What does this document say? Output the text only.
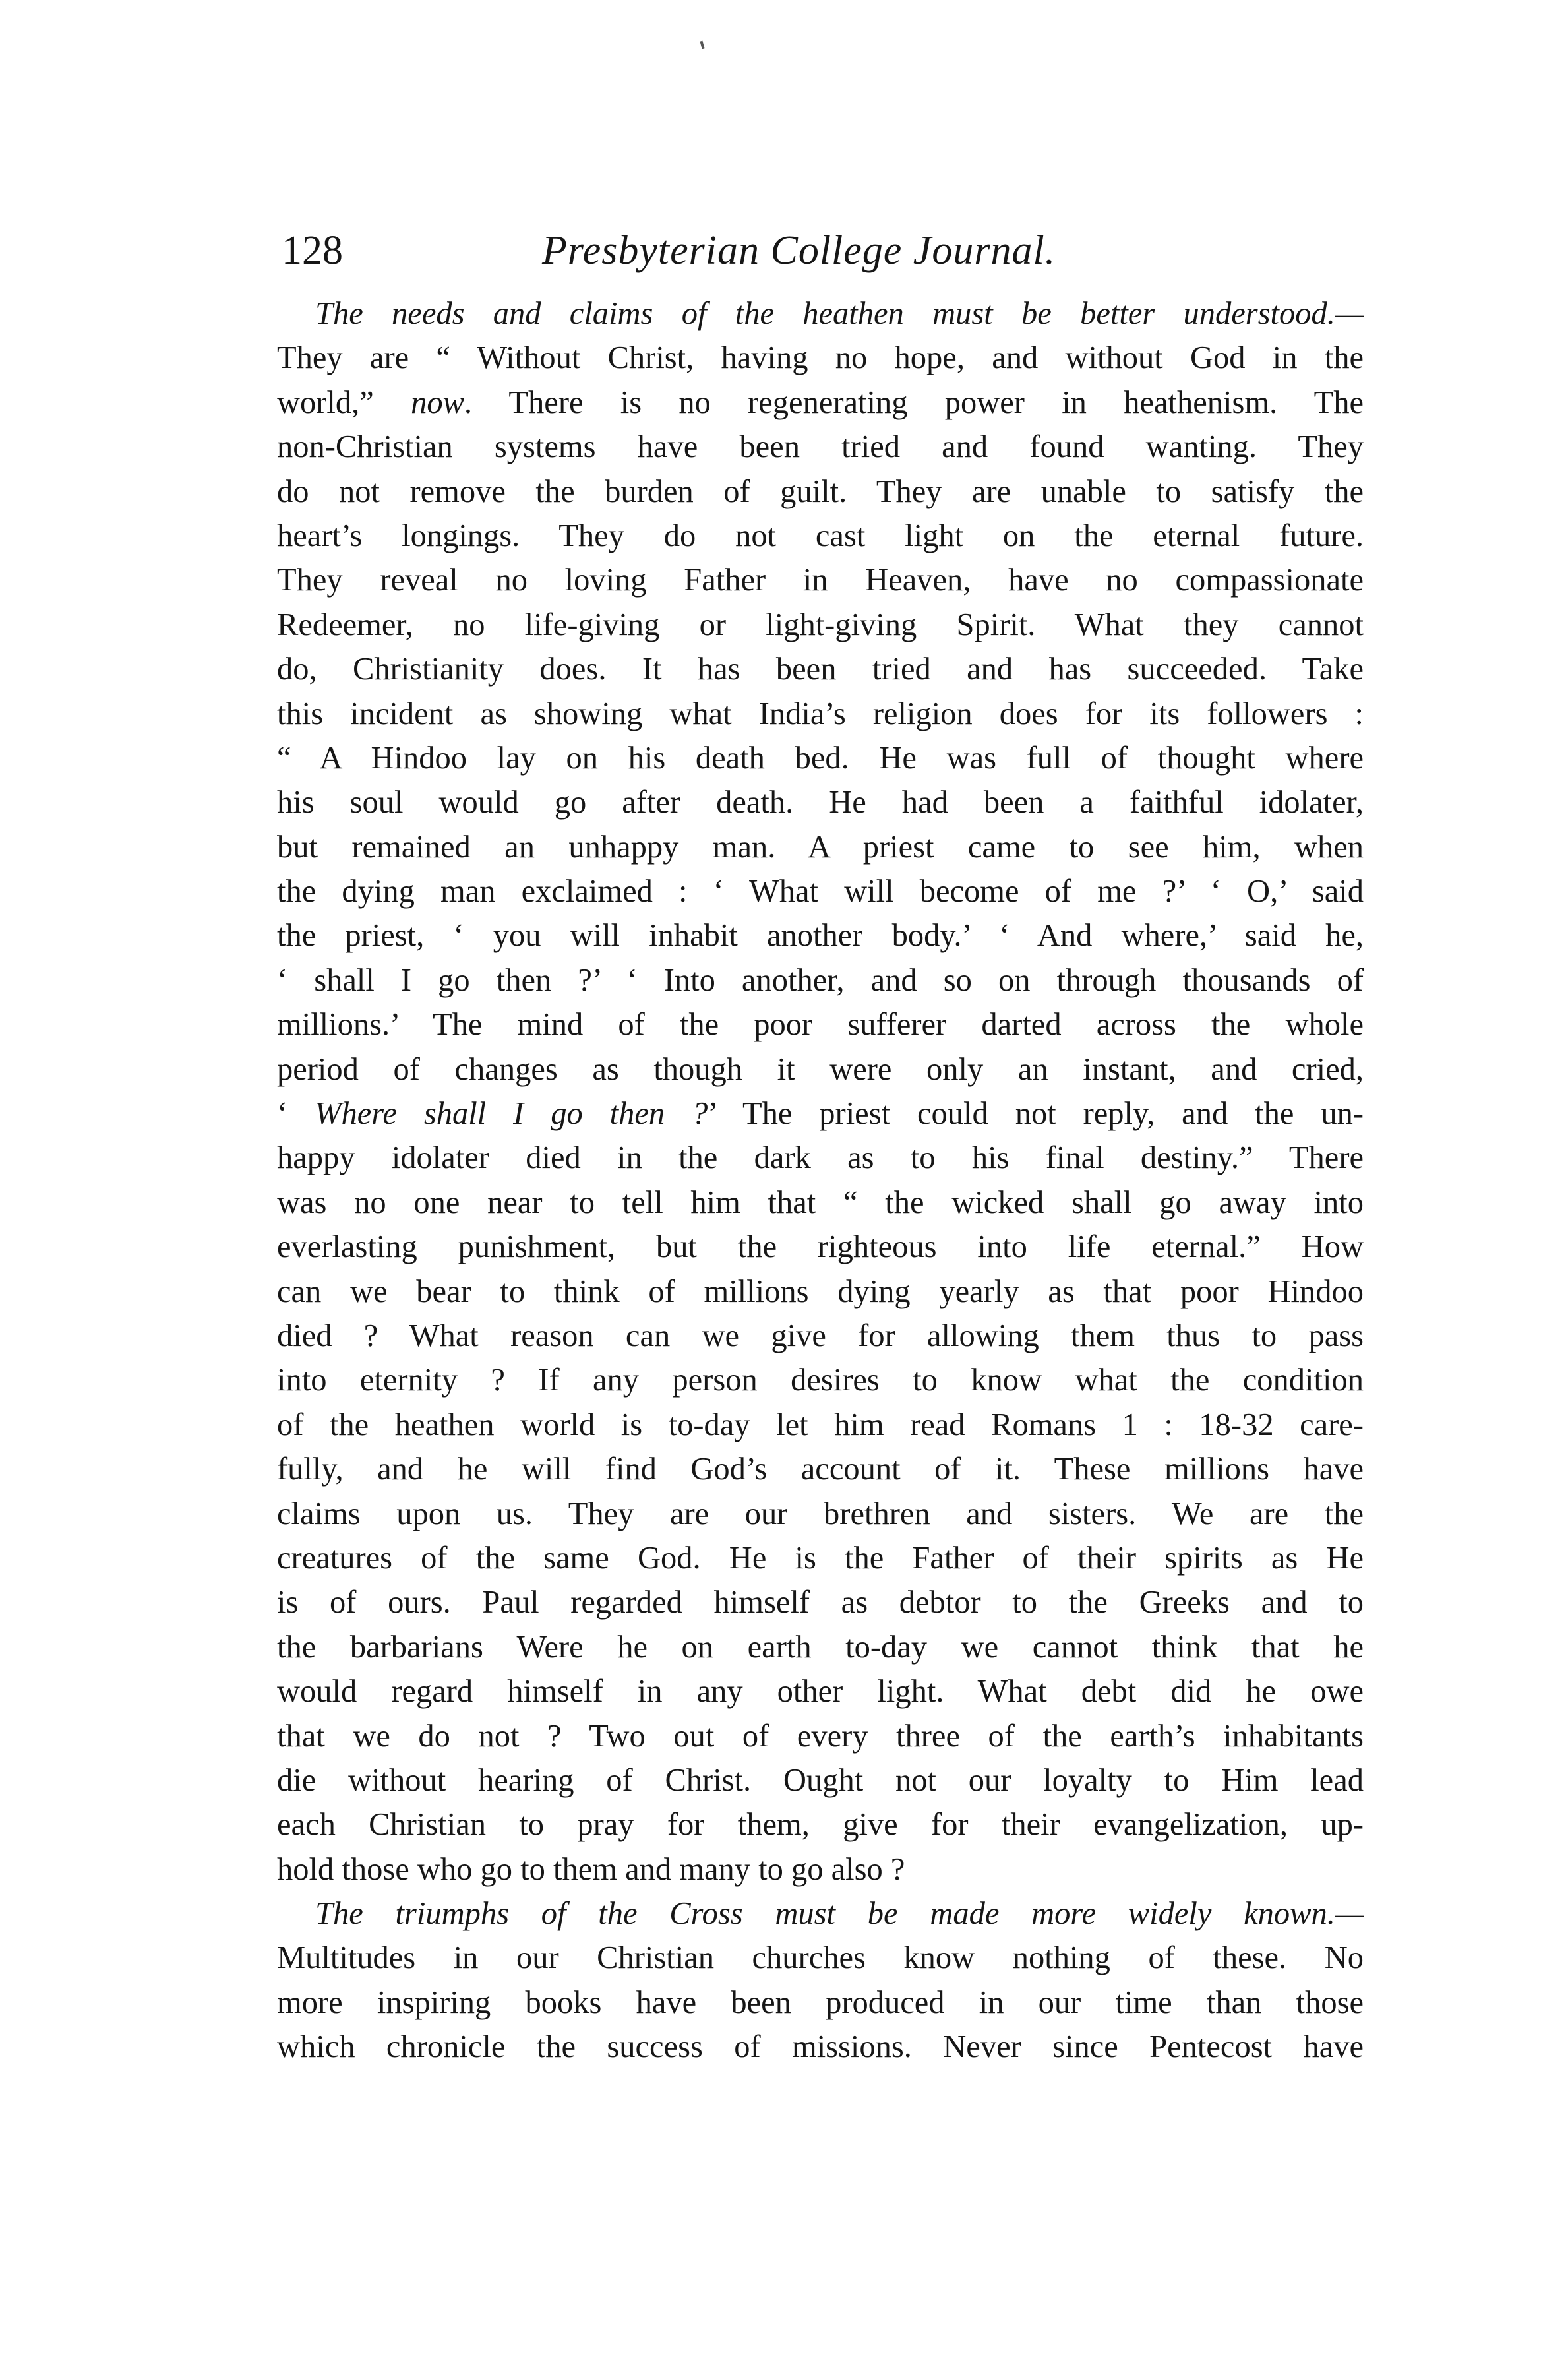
128	Presbyterian College Journal.
The needs and claims of the heathen must be better understood.—
They are “ Without Christ, having no hope, and without God in the
world,” now. There is no regenerating power in heathenism. The
non-Christian systems have been tried and found wanting. They
do not remove the burden of guilt. They are unable to satisfy the
heart’s longings. They do not cast light on the eternal future.
They reveal no loving Father in Heaven, have no compassionate
Redeemer, no life-giving or light-giving Spirit. What they cannot
do, Christianity does. It has been tried and has succeeded. Take
this incident as showing what India’s religion does for its followers :
“ A Hindoo lay on his death bed. He was full of thought where
his soul would go after death. He had been a faithful idolater,
but remained an unhappy man. A priest came to see him, when
the dying man exclaimed : ‘ What will become of me ?’ ‘ O,’ said
the priest, ‘ you will inhabit another body.’ ‘ And where,’ said he,
‘ shall I go then ?’ ‘ Into another, and so on through thousands of
millions.’ The mind of the poor sufferer darted across the whole
period of changes as though it were only an instant, and cried,
‘ Where shall I go then ?’ The priest could not reply, and the un-
happy idolater died in the dark as to his final destiny.” There
was no one near to tell him that “ the wicked shall go away into
everlasting punishment, but the righteous into life eternal.” How
can we bear to think of millions dying yearly as that poor Hindoo
died ? What reason can we give for allowing them thus to pass
into eternity ? If any person desires to know what the condition
of the heathen world is to-day let him read Romans 1 : 18-32 care-
fully, and he will find God’s account of it. These millions have
claims upon us. They are our brethren and sisters. We are the
creatures of the same God. He is the Father of their spirits as He
is of ours. Paul regarded himself as debtor to the Greeks and to
the barbarians Were he on earth to-day we cannot think that he
would regard himself in any other light. What debt did he owe
that we do not ? Two out of every three of the earth’s inhabitants
die without hearing of Christ. Ought not our loyalty to Him lead
each Christian to pray for them, give for their evangelization, up-
hold those who go to them and many to go also ?
The triumphs of the Cross must be made more widely known.—
Multitudes in our Christian churches know nothing of these. No
more inspiring books have been produced in our time than those
which chronicle the success of missions. Never since Pentecost have
